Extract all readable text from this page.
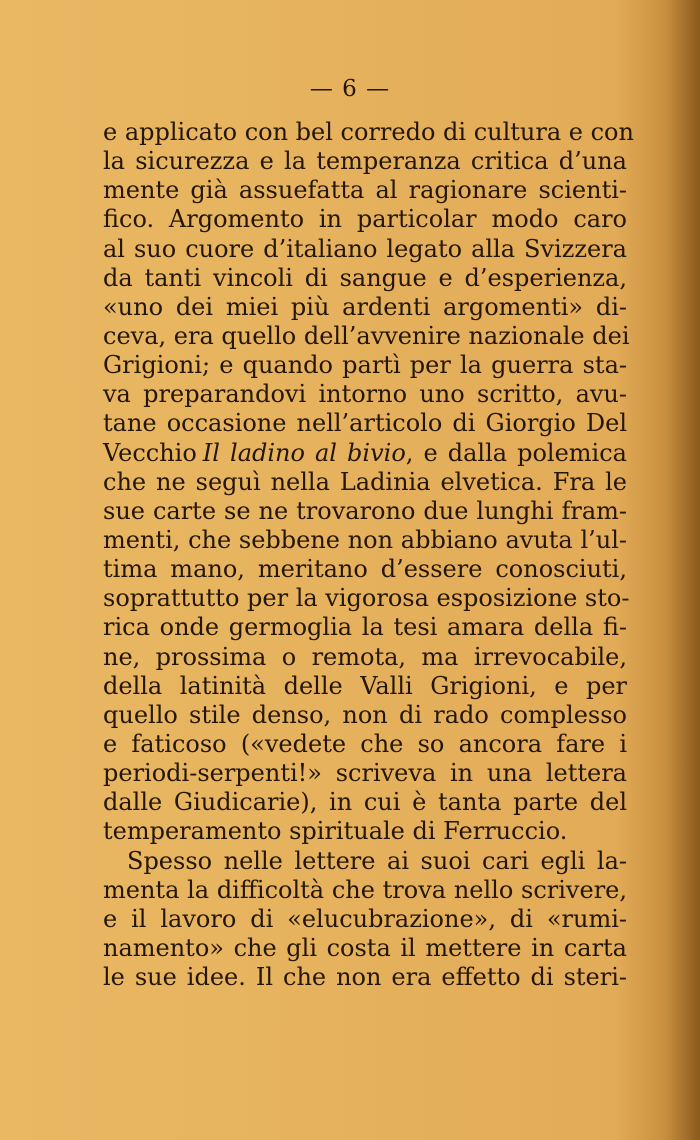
— 6 —
e applicato con bel corredo di cultura e con
la sicurezza e la temperanza critica d’una
mente già assuefatta al ragionare scienti-
fico. Argomento in particolar modo caro
al suo cuore d’italiano legato alla Svizzera
da tanti vincoli di sangue e d’esperienza,
«uno dei miei più ardenti argomenti» di-
ceva, era quello dell’avvenire nazionale dei
Grigioni; e quando partì per la guerra sta-
va preparandovi intorno uno scritto, avu-
tane occasione nell’articolo di Giorgio Del
Vecchio Il ladino al bivio, e dalla polemica
che ne seguì nella Ladinia elvetica. Fra le
sue carte se ne trovarono due lunghi fram-
menti, che sebbene non abbiano avuta l’ul-
tima mano, meritano d’essere conosciuti,
soprattutto per la vigorosa esposizione sto-
rica onde germoglia la tesi amara della fi-
ne, prossima o remota, ma irrevocabile,
della latinità delle Valli Grigioni, e per
quello stile denso, non di rado complesso
e faticoso («vedete che so ancora fare i
periodi-serpenti!» scriveva in una lettera
dalle Giudicarie), in cui è tanta parte del
temperamento spirituale di Ferruccio.
Spesso nelle lettere ai suoi cari egli la-
menta la difficoltà che trova nello scrivere,
e il lavoro di «elucubrazione», di «rumi-
namento» che gli costa il mettere in carta
le sue idee. Il che non era effetto di steri-
